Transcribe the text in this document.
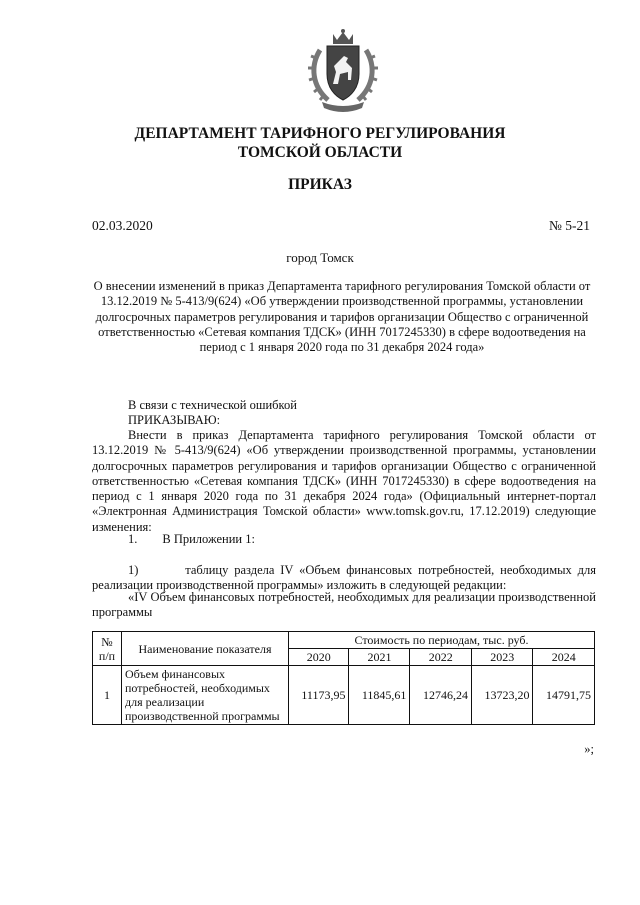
ДЕПАРТАМЕНТ ТАРИФНОГО РЕГУЛИРОВАНИЯ
ТОМСКОЙ ОБЛАСТИ
ПРИКАЗ
02.03.2020	№ 5-21
город Томск
О внесении изменений в приказ Департамента тарифного регулирования Томской области от 13.12.2019 № 5-413/9(624) «Об утверждении производственной программы, установлении долгосрочных параметров регулирования и тарифов организации Общество с ограниченной ответственностью «Сетевая компания ТДСК» (ИНН 7017245330) в сфере водоотведения на период с 1 января 2020 года по 31 декабря 2024 года»
В связи с технической ошибкой
ПРИКАЗЫВАЮ:
Внести в приказ Департамента тарифного регулирования Томской области от 13.12.2019 № 5-413/9(624) «Об утверждении производственной программы, установлении долгосрочных параметров регулирования и тарифов организации Общество с ограниченной ответственностью «Сетевая компания ТДСК» (ИНН 7017245330) в сфере водоотведения на период с 1 января 2020 года по 31 декабря 2024 года» (Официальный интернет-портал «Электронная Администрация Томской области» www.tomsk.gov.ru, 17.12.2019) следующие изменения:
1.        В Приложении 1:
1)        таблицу раздела IV «Объем финансовых потребностей, необходимых для реализации производственной программы» изложить в следующей редакции:
«IV Объем финансовых потребностей, необходимых для реализации производственной программы
№ п/п	Наименование показателя	Стоимость по периодам, тыс. руб.				
		2020	2021	2022	2023	2024
1	Объем финансовых потребностей, необходимых для реализации производственной программы	11173,95	11845,61	12746,24	13723,20	14791,75
»;
